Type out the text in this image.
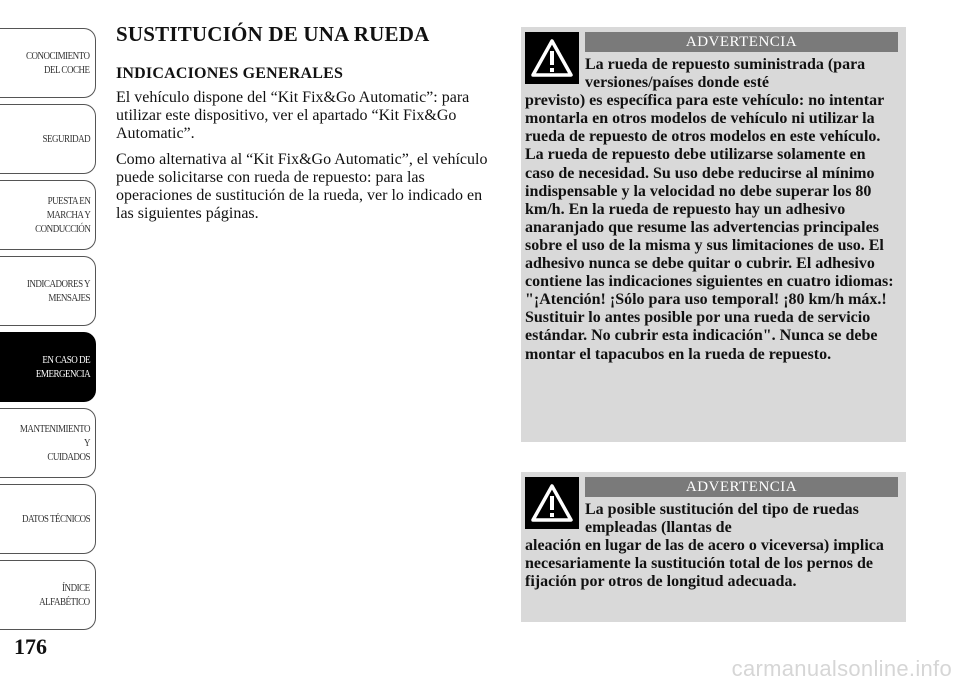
CONOCIMIENTO
DEL COCHE
SEGURIDAD
PUESTA EN
MARCHA Y
CONDUCCIÓN
INDICADORES Y
MENSAJES
EN CASO DE
EMERGENCIA
MANTENIMIENTO Y
CUIDADOS
DATOS TÉCNICOS
ÍNDICE
ALFABÉTICO
176
SUSTITUCIÓN DE UNA RUEDA
INDICACIONES GENERALES

El vehículo dispone del “Kit Fix&Go Automatic”: para utilizar este dispositivo, ver el apartado “Kit Fix&Go Automatic”.

Como alternativa al “Kit Fix&Go Automatic”, el vehículo puede solicitarse con rueda de repuesto: para las operaciones de sustitución de la rueda, ver lo indicado en las siguientes páginas.

ADVERTENCIA
La rueda de repuesto suministrada (para versiones/países donde esté
previsto) es específica para este vehículo: no intentar montarla en otros modelos de vehículo ni utilizar la rueda de repuesto de otros modelos en este vehículo. La rueda de repuesto debe utilizarse solamente en caso de necesidad. Su uso debe reducirse al mínimo indispensable y la velocidad no debe superar los 80 km/h. En la rueda de repuesto hay un adhesivo anaranjado que resume las advertencias principales sobre el uso de la misma y sus limitaciones de uso. El adhesivo nunca se debe quitar o cubrir. El adhesivo contiene las indicaciones siguientes en cuatro idiomas: "¡Atención! ¡Sólo para uso temporal! ¡80 km/h máx.! Sustituir lo antes posible por una rueda de servicio estándar. No cubrir esta indicación". Nunca se debe montar el tapacubos en la rueda de repuesto.
ADVERTENCIA
La posible sustitución del tipo de ruedas empleadas (llantas de
aleación en lugar de las de acero o viceversa) implica necesariamente la sustitución total de los pernos de fijación por otros de longitud adecuada.
carmanualsonline.info
